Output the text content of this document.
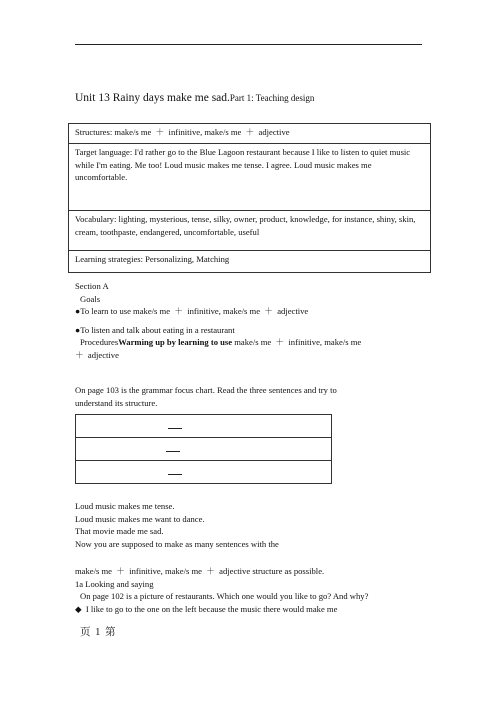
Unit 13 Rainy days make me sad.Part 1: Teaching design
Structures: make/s me  ＋  infinitive, make/s me  ＋  adjective
Target language: I'd rather go to the Blue Lagoon restaurant because I like to listen to quiet music while I'm eating. Me too! Loud music makes me tense. I agree. Loud music makes me uncomfortable.
Vocabulary: lighting, mysterious, tense, silky, owner, product, knowledge, for instance, shiny, skin, cream, toothpaste, endangered, uncomfortable, useful
Learning strategies: Personalizing, Matching
Section A
Goals
●To learn to use make/s me  ＋  infinitive, make/s me  ＋  adjective
●To listen and talk about eating in a restaurant
ProceduresWarming up by learning to use make/s me  ＋  infinitive, make/s me
＋  adjective
On page 103 is the grammar focus chart. Read the three sentences and try to
understand its structure.
Loud music makes me tense.
Loud music makes me want to dance.
That movie made me sad.
Now you are supposed to make as many sentences with the
make/s me  ＋  infinitive, make/s me  ＋  adjective structure as possible.
1a Looking and saying
On page 102 is a picture of restaurants. Which one would you like to go? And why?
◆  I like to go to the one on the left because the music there would make me
页 1 第
